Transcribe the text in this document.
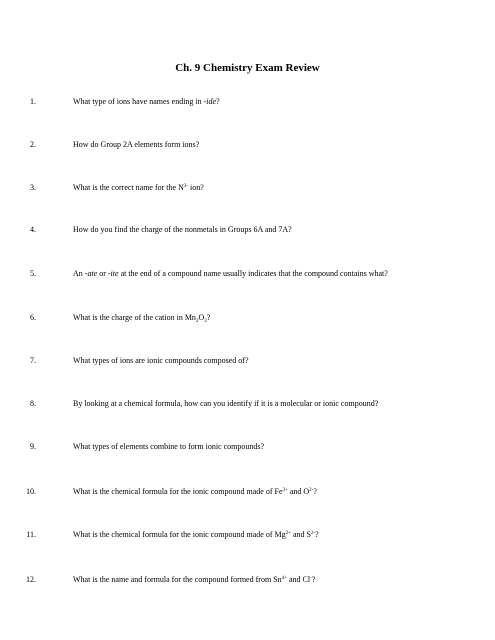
Ch. 9 Chemistry Exam Review
1.	What type of ions have names ending in -ide?
2.	How do Group 2A elements form ions?
3.	What is the correct name for the $N^{3-}$ ion?
4.	How do you find the charge of the nonmetals in Groups 6A and 7A?
5.	An -ate or -ite at the end of a compound name usually indicates that the compound contains what?
6.	What is the charge of the cation in $Mn_2O_3$?
7.	What types of ions are ionic compounds composed of?
8.	By looking at a chemical formula, how can you identify if it is a molecular or ionic compound?
9.	What types of elements combine to form ionic compounds?
10.	What is the chemical formula for the ionic compound made of $Fe^{3+}$ and $O^{2-}$?
11.	What is the chemical formula for the ionic compound made of $Mg^{2+}$ and $S^{2-}$?
12.	What is the name and formula for the compound formed from $Sn^{4+}$ and Cl-?
